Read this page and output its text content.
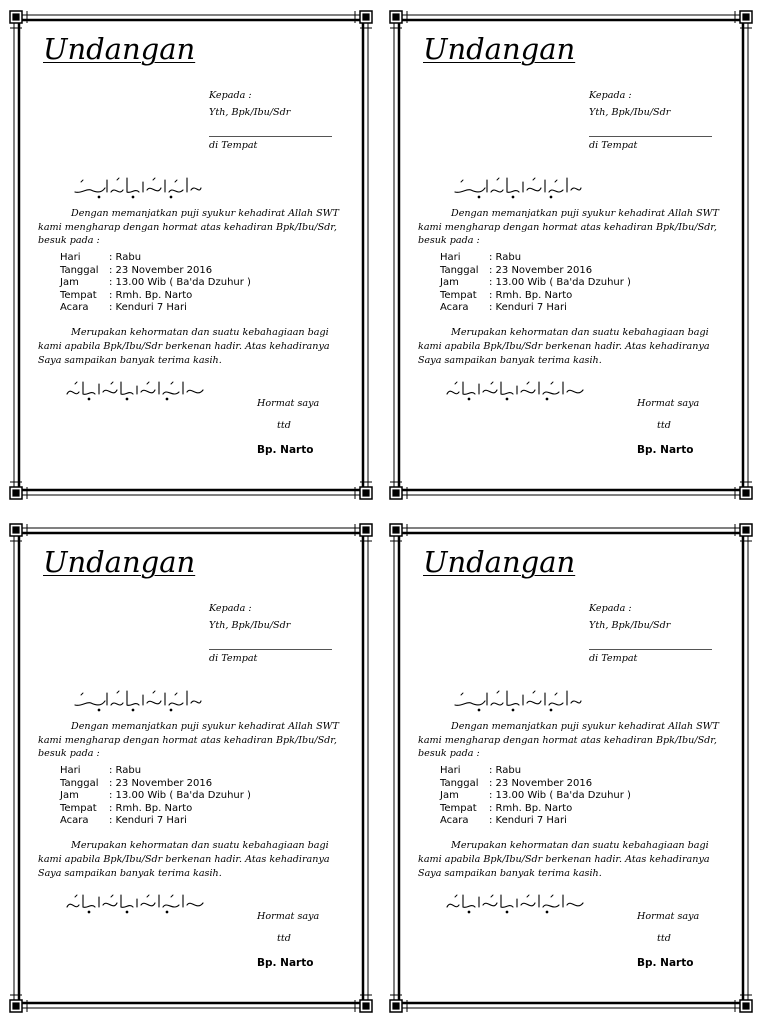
Undangan
Kepada :
Yth, Bpk/Ibu/Sdr
di Tempat
Dengan memanjatkan puji syukur kehadirat Allah SWT
kami mengharap dengan hormat atas kehadiran Bpk/Ibu/Sdr,
besuk pada :
Hari	: Rabu
Tanggal	: 23 November 2016
Jam	: 13.00 Wib ( Ba'da Dzuhur )
Tempat	: Rmh. Bp. Narto
Acara	: Kenduri 7 Hari
Merupakan kehormatan dan suatu kebahagiaan bagi
kami apabila Bpk/Ibu/Sdr berkenan hadir. Atas kehadiranya
Saya sampaikan banyak terima kasih.
Hormat saya
ttd
Bp. Narto
Undangan
Kepada :
Yth, Bpk/Ibu/Sdr
di Tempat
Dengan memanjatkan puji syukur kehadirat Allah SWT
kami mengharap dengan hormat atas kehadiran Bpk/Ibu/Sdr,
besuk pada :
Hari	: Rabu
Tanggal	: 23 November 2016
Jam	: 13.00 Wib ( Ba'da Dzuhur )
Tempat	: Rmh. Bp. Narto
Acara	: Kenduri 7 Hari
Merupakan kehormatan dan suatu kebahagiaan bagi
kami apabila Bpk/Ibu/Sdr berkenan hadir. Atas kehadiranya
Saya sampaikan banyak terima kasih.
Hormat saya
ttd
Bp. Narto
Undangan
Kepada :
Yth, Bpk/Ibu/Sdr
di Tempat
Dengan memanjatkan puji syukur kehadirat Allah SWT
kami mengharap dengan hormat atas kehadiran Bpk/Ibu/Sdr,
besuk pada :
Hari	: Rabu
Tanggal	: 23 November 2016
Jam	: 13.00 Wib ( Ba'da Dzuhur )
Tempat	: Rmh. Bp. Narto
Acara	: Kenduri 7 Hari
Merupakan kehormatan dan suatu kebahagiaan bagi
kami apabila Bpk/Ibu/Sdr berkenan hadir. Atas kehadiranya
Saya sampaikan banyak terima kasih.
Hormat saya
ttd
Bp. Narto
Undangan
Kepada :
Yth, Bpk/Ibu/Sdr
di Tempat
Dengan memanjatkan puji syukur kehadirat Allah SWT
kami mengharap dengan hormat atas kehadiran Bpk/Ibu/Sdr,
besuk pada :
Hari	: Rabu
Tanggal	: 23 November 2016
Jam	: 13.00 Wib ( Ba'da Dzuhur )
Tempat	: Rmh. Bp. Narto
Acara	: Kenduri 7 Hari
Merupakan kehormatan dan suatu kebahagiaan bagi
kami apabila Bpk/Ibu/Sdr berkenan hadir. Atas kehadiranya
Saya sampaikan banyak terima kasih.
Hormat saya
ttd
Bp. Narto
